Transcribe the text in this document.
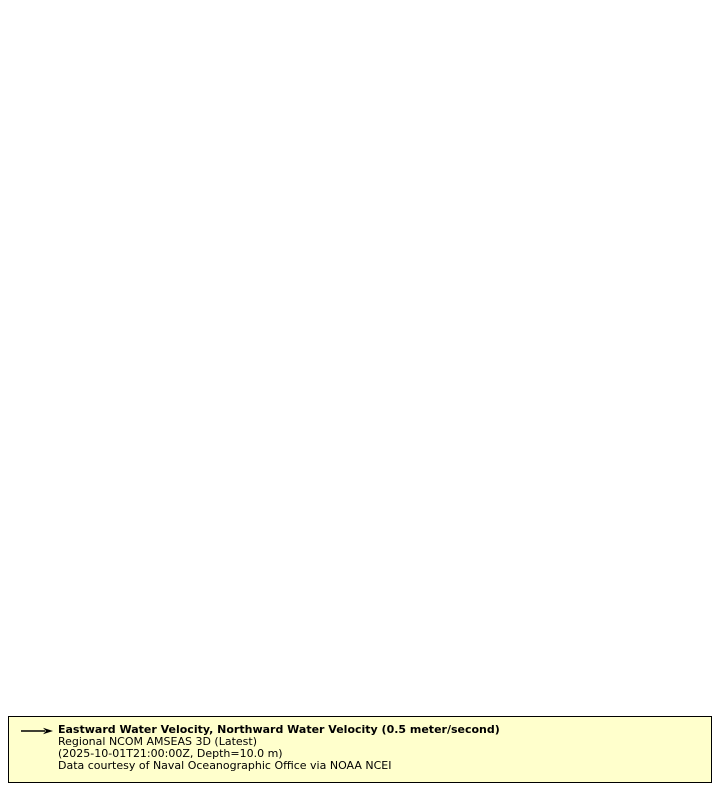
Eastward Water Velocity, Northward Water Velocity (0.5 meter/second)
Regional NCOM AMSEAS 3D (Latest)
(2025-10-01T21:00:00Z, Depth=10.0 m)
Data courtesy of Naval Oceanographic Office via NOAA NCEI
